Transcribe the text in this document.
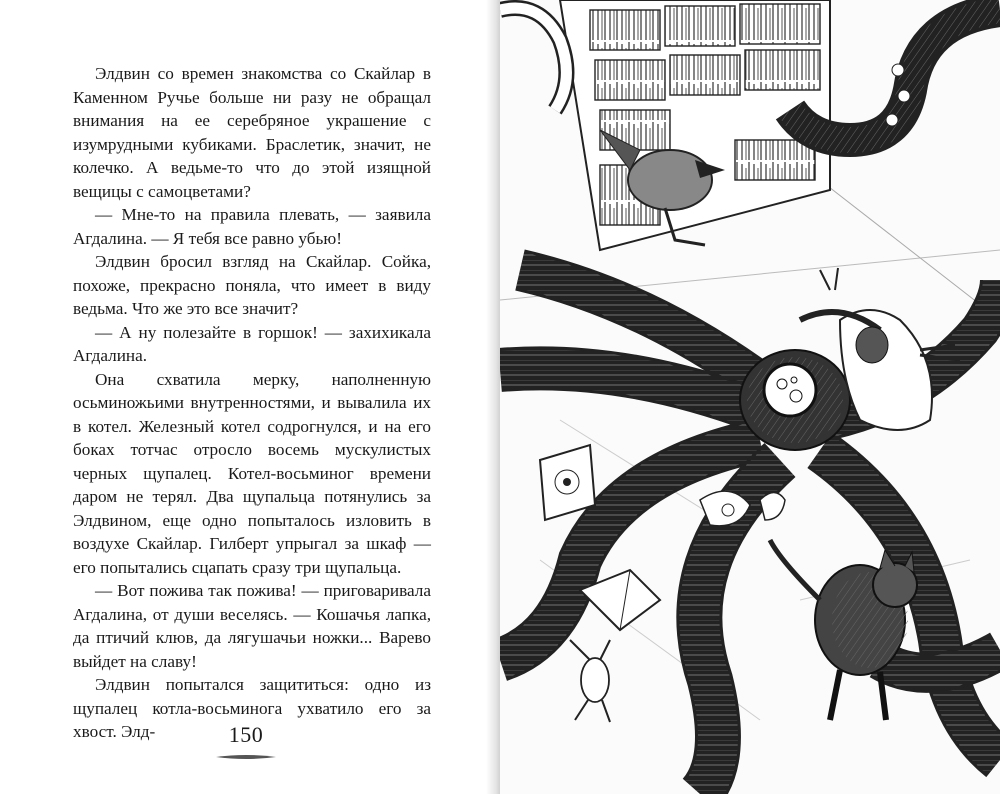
Элдвин со времен знакомства со Скайлар в Каменном Ручье больше ни разу не обращал внимания на ее серебряное украшение с изумрудными кубиками. Браслетик, значит, не колечко. А ведьме-то что до этой изящной вещицы с самоцветами?

— Мне-то на правила плевать, — заявила Агдалина. — Я тебя все равно убью!

Элдвин бросил взгляд на Скайлар. Сойка, похоже, прекрасно поняла, что имеет в виду ведьма. Что же это все значит?

— А ну полезайте в горшок! — захихикала Агдалина.

Она схватила мерку, наполненную осьминожьими внутренностями, и вывалила их в котел. Железный котел содрогнулся, и на его боках тотчас отросло восемь мускулистых черных щупалец. Котел-восьминог времени даром не терял. Два щупальца потянулись за Элдвином, еще одно попыталось изловить в воздухе Скайлар. Гилберт упрыгал за шкаф — его попытались сцапать сразу три щупальца.

— Вот пожива так пожива! — приговаривала Агдалина, от души веселясь. — Кошачья лапка, да птичий клюв, да лягушачьи ножки... Варево выйдет на славу!

Элдвин попытался защититься: одно из щупалец котла-восьминога ухватило его за хвост. Элд-	150
